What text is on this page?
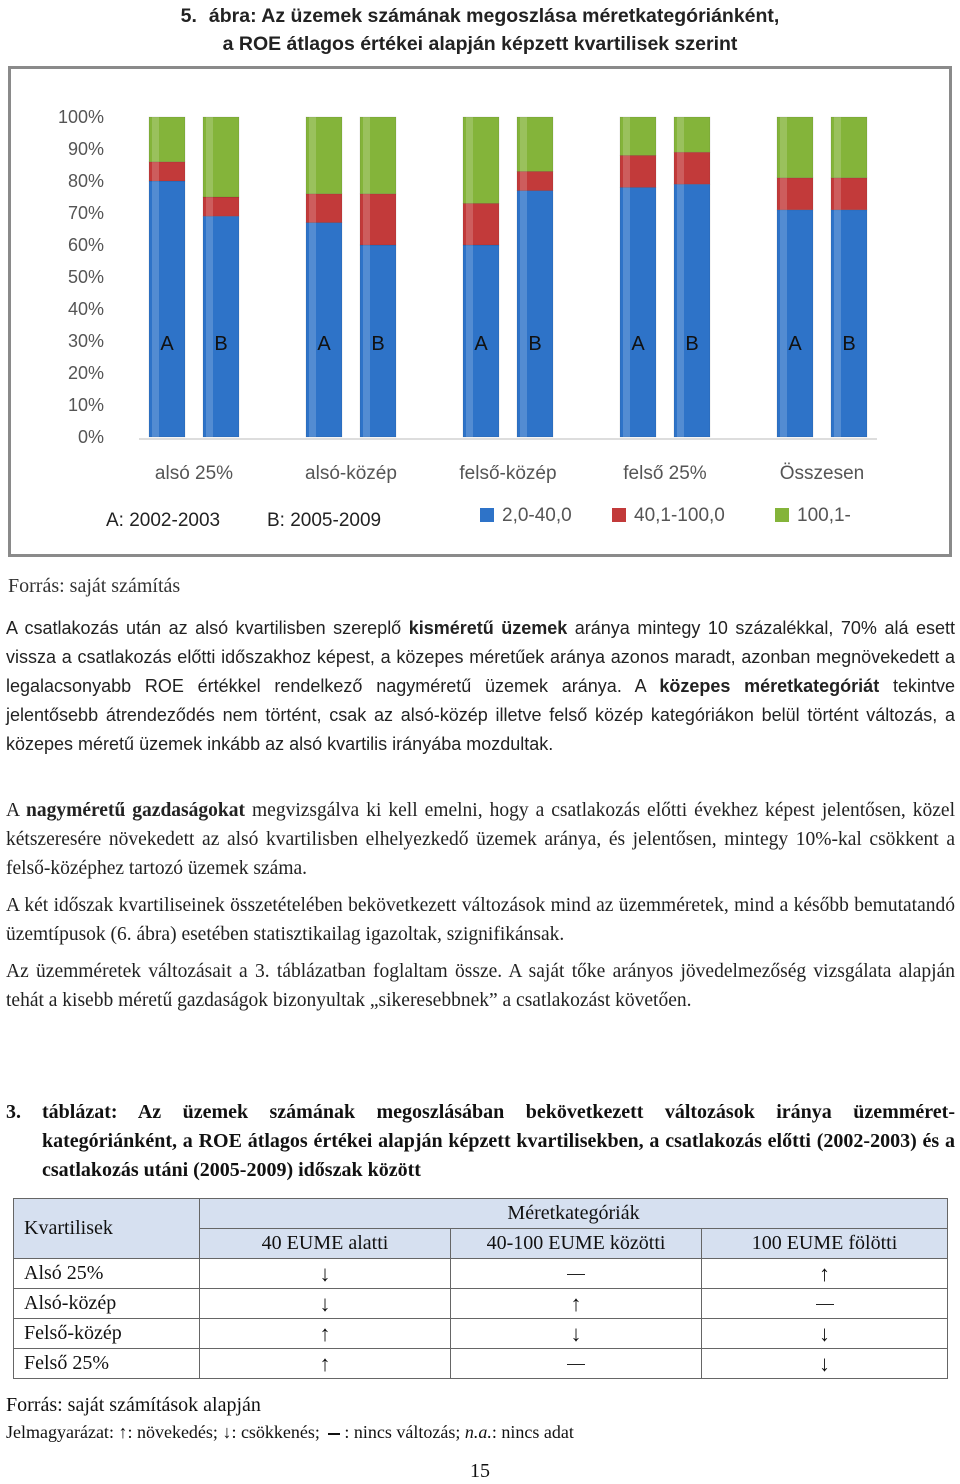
5. ábra: Az üzemek számának megoszlása méretkategóriánként,
a ROE átlagos értékei alapján képzett kvartilisek szerint
0%
10%
20%
30%
40%
50%
60%
70%
80%
90%
100%
A B	A B	A B	A B	A B
alsó 25%	alsó-közép	felső-közép	felső 25%	Összesen
A: 2002-2003 B: 2005-2009	2,0-40,0	40,1-100,0	100,1-
Forrás: saját számítás

A csatlakozás után az alsó kvartilisben szereplő kisméretű üzemek aránya mintegy 10 százalékkal, 70% alá esett vissza a csatlakozás előtti időszakhoz képest, a közepes méretűek aránya azonos maradt, azonban megnövekedett a legalacsonyabb ROE értékkel rendelkező nagyméretű üzemek aránya. A közepes méretkategóriát tekintve jelentősebb átrendeződés nem történt, csak az alsó-közép illetve felső közép kategóriákon belül történt változás, a közepes méretű üzemek inkább az alsó kvartilis irányába mozdultak.

A nagyméretű gazdaságokat megvizsgálva ki kell emelni, hogy a csatlakozás előtti évekhez képest jelentősen, közel kétszeresére növekedett az alsó kvartilisben elhelyezkedő üzemek aránya, és jelentősen, mintegy 10%-kal csökkent a felső-középhez tartozó üzemek száma.

A két időszak kvartiliseinek összetételében bekövetkezett változások mind az üzemméretek, mind a később bemutatandó üzemtípusok (6. ábra) esetében statisztikailag igazoltak, szignifikánsak.

Az üzemméretek változásait a 3. táblázatban foglaltam össze. A saját tőke arányos jövedelmezőség vizsgálata alapján tehát a kisebb méretű gazdaságok bizonyultak „sikeresebbnek” a csatlakozást követően.

3. táblázat: Az üzemek számának megoszlásában bekövetkezett változások iránya üzemméret-kategóriánként, a ROE átlagos értékei alapján képzett kvartilisekben, a csatlakozás előtti (2002-2003) és a csatlakozás utáni (2005-2009) időszak között
Kvartilisek	Méretkategóriák		
	40 EUME alatti	40-100 EUME közötti	100 EUME fölötti
Alsó 25%	↓		↑
Alsó-közép	↓	↑	
Felső-közép	↑	↓	↓
Felső 25%	↑		↓
Forrás: saját számítások alapján
Jelmagyarázat: ↑: növekedés; ↓: csökkenés; : nincs változás; n.a.: nincs adat
15
